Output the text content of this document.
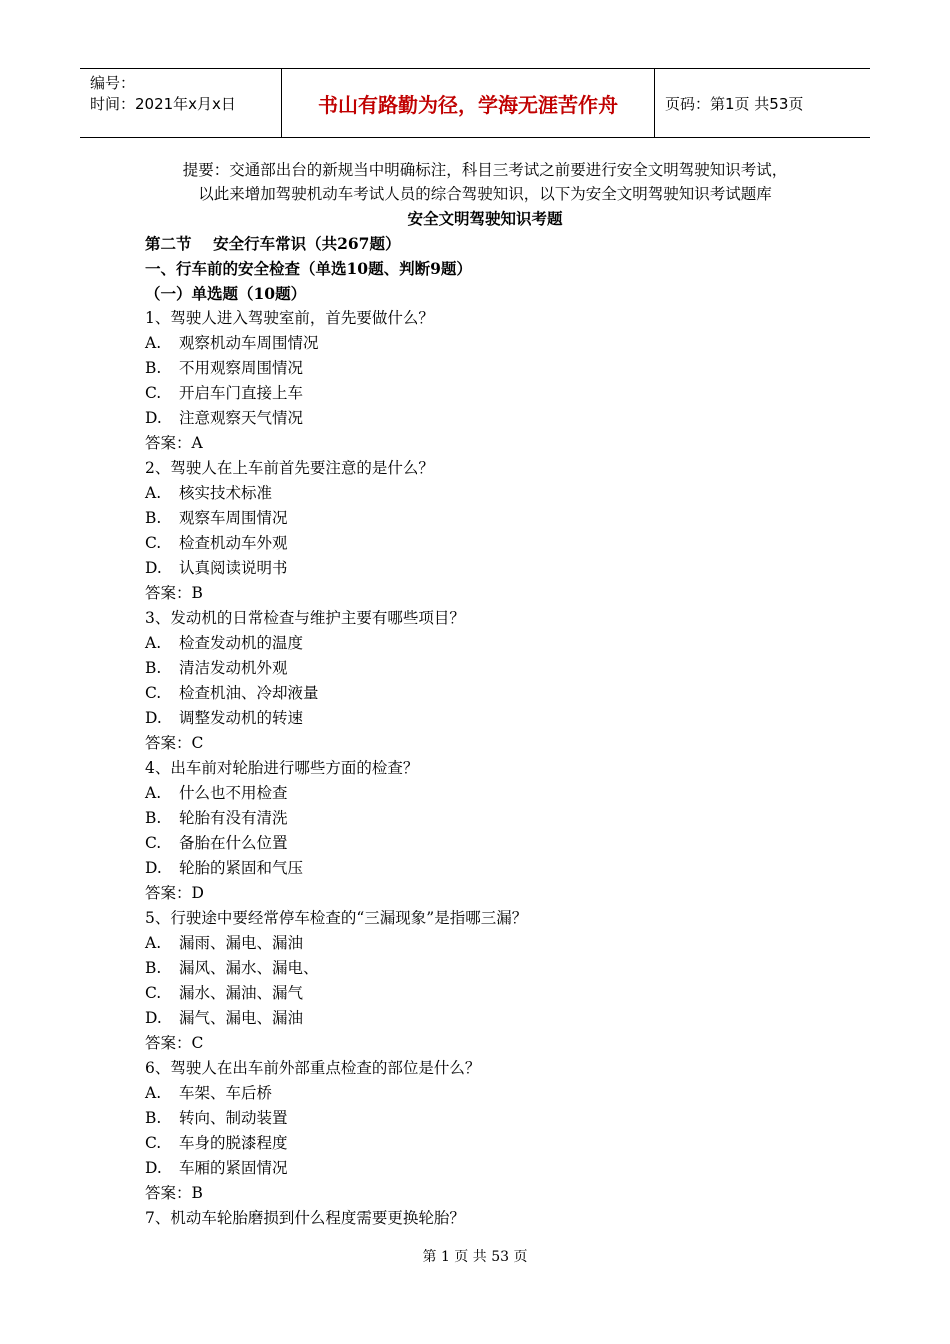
编号：
时间：2021年x月x日	书山有路勤为径，学海无涯苦作舟	页码：第1页 共53页
提要：交通部出台的新规当中明确标注，科目三考试之前要进行安全文明驾驶知识考试，
以此来增加驾驶机动车考试人员的综合驾驶知识，以下为安全文明驾驶知识考试题库
安全文明驾驶知识考题
第二节    安全行车常识（共267题）
一、行车前的安全检查（单选10题、判断9题）
（一）单选题（10题）
1、驾驶人进入驾驶室前，首先要做什么？
A. 观察机动车周围情况
B. 不用观察周围情况
C. 开启车门直接上车
D. 注意观察天气情况
答案：A
2、驾驶人在上车前首先要注意的是什么？
A. 核实技术标准
B. 观察车周围情况
C. 检查机动车外观
D. 认真阅读说明书
答案：B
3、发动机的日常检查与维护主要有哪些项目？
A. 检查发动机的温度
B. 清洁发动机外观
C. 检查机油、冷却液量
D. 调整发动机的转速
答案：C
4、出车前对轮胎进行哪些方面的检查？
A. 什么也不用检查
B. 轮胎有没有清洗
C. 备胎在什么位置
D. 轮胎的紧固和气压
答案：D
5、行驶途中要经常停车检查的“三漏现象”是指哪三漏？
A. 漏雨、漏电、漏油
B. 漏风、漏水、漏电、
C. 漏水、漏油、漏气
D. 漏气、漏电、漏油
答案：C
6、驾驶人在出车前外部重点检查的部位是什么？
A. 车架、车后桥
B. 转向、制动装置
C. 车身的脱漆程度
D. 车厢的紧固情况
答案：B
7、机动车轮胎磨损到什么程度需要更换轮胎？
第 1 页 共 53 页
